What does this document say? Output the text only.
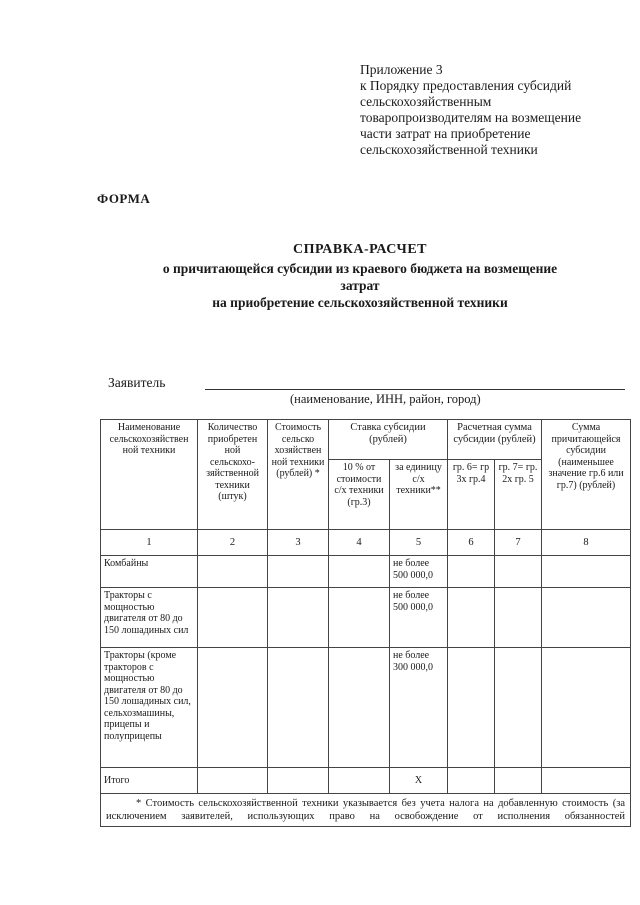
Приложение 3
к Порядку предоставления субсидий сельскохозяйственным товаропроизводителям на возмещение части затрат на приобретение сельскохозяйственной техники
ФОРМА
СПРАВКА-РАСЧЕТ
о причитающейся субсидии из краевого бюджета на возмещение затрат
на приобретение сельскохозяйственной техники
Заявитель
(наименование, ИНН, район, город)
Наименование сельскохозяйствен ной техники	Количество приобретен ной сельскохо-зяйственной техники (штук)	Стоимость сельско хозяйствен ной техники (рублей) *	Ставка субсидии (рублей)		Расчетная сумма субсидии (рублей)		Сумма причитающейся субсидии (наименьшее значение гр.6 или гр.7) (рублей)
			10 % от стоимости с/х техники (гр.3)	за единицу с/х техники**	гр. 6= гр 3х гр.4	гр. 7= гр. 2х гр. 5	
1	2	3	4	5	6	7	8
Комбайны				не более 500 000,0			
Тракторы с мощностью двигателя от 80 до 150 лошадиных сил				не более 500 000,0			
Тракторы (кроме тракторов с мощностью двигателя от 80 до 150 лошадиных сил, сельхозмашины, прицепы и полуприцепы				не более 300 000,0			
Итого				X			
* Стоимость сельскохозяйственной техники указывается без учета налога на добавленную стоимость (за исключением заявителей, использующих право на освобождение от исполнения обязанностей							
